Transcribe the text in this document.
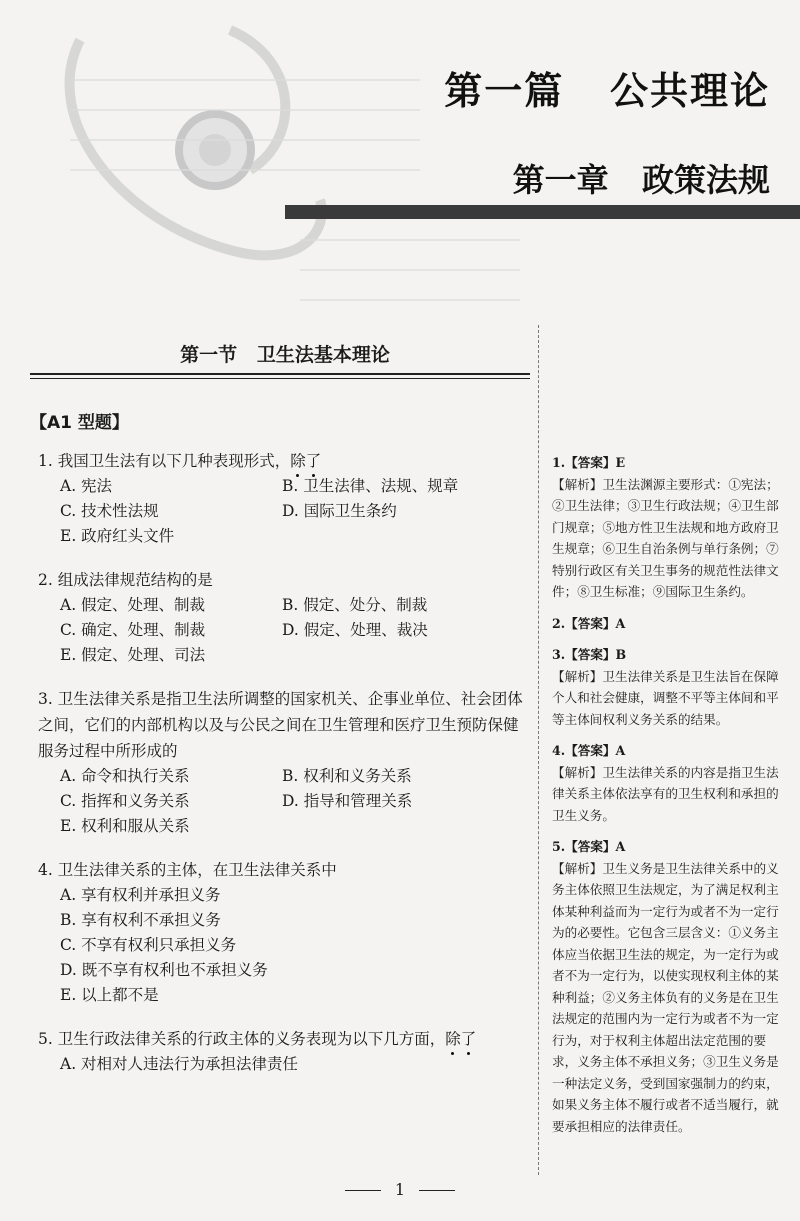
第一篇   公共理论
第一章   政策法规
第一节   卫生法基本理论
【A1 型题】
1. 我国卫生法有以下几种表现形式，除了
A. 宪法	B. 卫生法律、法规、规章
C. 技术性法规	D. 国际卫生条约
E. 政府红头文件
2. 组成法律规范结构的是
A. 假定、处理、制裁	B. 假定、处分、制裁
C. 确定、处理、制裁	D. 假定、处理、裁决
E. 假定、处理、司法
3. 卫生法律关系是指卫生法所调整的国家机关、企事业单位、社会团体之间，它们的内部机构以及与公民之间在卫生管理和医疗卫生预防保健服务过程中所形成的
A. 命令和执行关系	B. 权利和义务关系
C. 指挥和义务关系	D. 指导和管理关系
E. 权利和服从关系
4. 卫生法律关系的主体，在卫生法律关系中
A. 享有权利并承担义务
B. 享有权利不承担义务
C. 不享有权利只承担义务
D. 既不享有权利也不承担义务
E. 以上都不是
5. 卫生行政法律关系的行政主体的义务表现为以下几方面，除了
A. 对相对人违法行为承担法律责任
1.【答案】E
【解析】卫生法渊源主要形式：①宪法；②卫生法律；③卫生行政法规；④卫生部门规章；⑤地方性卫生法规和地方政府卫生规章；⑥卫生自治条例与单行条例；⑦特别行政区有关卫生事务的规范性法律文件；⑧卫生标准；⑨国际卫生条约。
2.【答案】A
3.【答案】B
【解析】卫生法律关系是卫生法旨在保障个人和社会健康，调整不平等主体间和平等主体间权利义务关系的结果。
4.【答案】A
【解析】卫生法律关系的内容是指卫生法律关系主体依法享有的卫生权利和承担的卫生义务。
5.【答案】A
【解析】卫生义务是卫生法律关系中的义务主体依照卫生法规定，为了满足权利主体某种利益而为一定行为或者不为一定行为的必要性。它包含三层含义：①义务主体应当依据卫生法的规定，为一定行为或者不为一定行为，以使实现权利主体的某种利益；②义务主体负有的义务是在卫生法规定的范围内为一定行为或者不为一定行为，对于权利主体超出法定范围的要求，义务主体不承担义务；③卫生义务是一种法定义务，受到国家强制力的约束，如果义务主体不履行或者不适当履行，就要承担相应的法律责任。
1
